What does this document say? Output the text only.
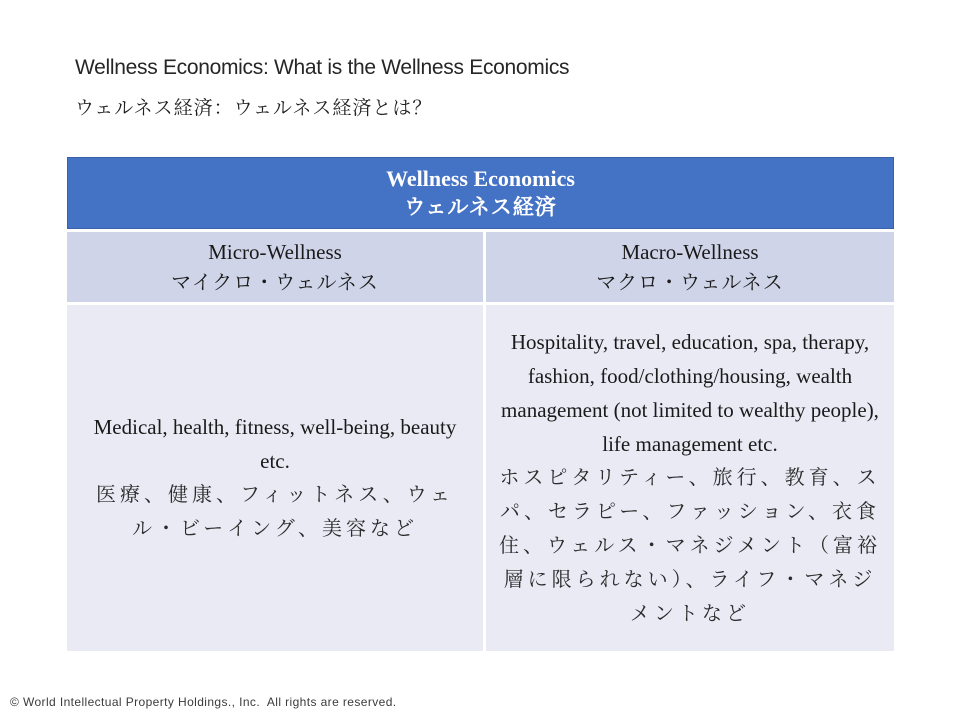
Wellness Economics: What is the Wellness Economics
ウェルネス経済：ウェルネス経済とは？
Wellness Economics
ウェルネス経済
Micro-Wellness
マイクロ・ウェルネス
Macro-Wellness
マクロ・ウェルネス
Medical, health, fitness, well-being, beauty etc.
医療、健康、フィットネス、ウェル・ビーイング、美容など
Hospitality, travel, education, spa, therapy, fashion, food/clothing/housing, wealth management (not limited to wealthy people), life management etc.
ホスピタリティー、旅行、教育、スパ、セラピー、ファッション、衣食住、ウェルス・マネジメント（富裕層に限られない）、ライフ・マネジメントなど
© World Intellectual Property Holdings., Inc.  All rights are reserved.
